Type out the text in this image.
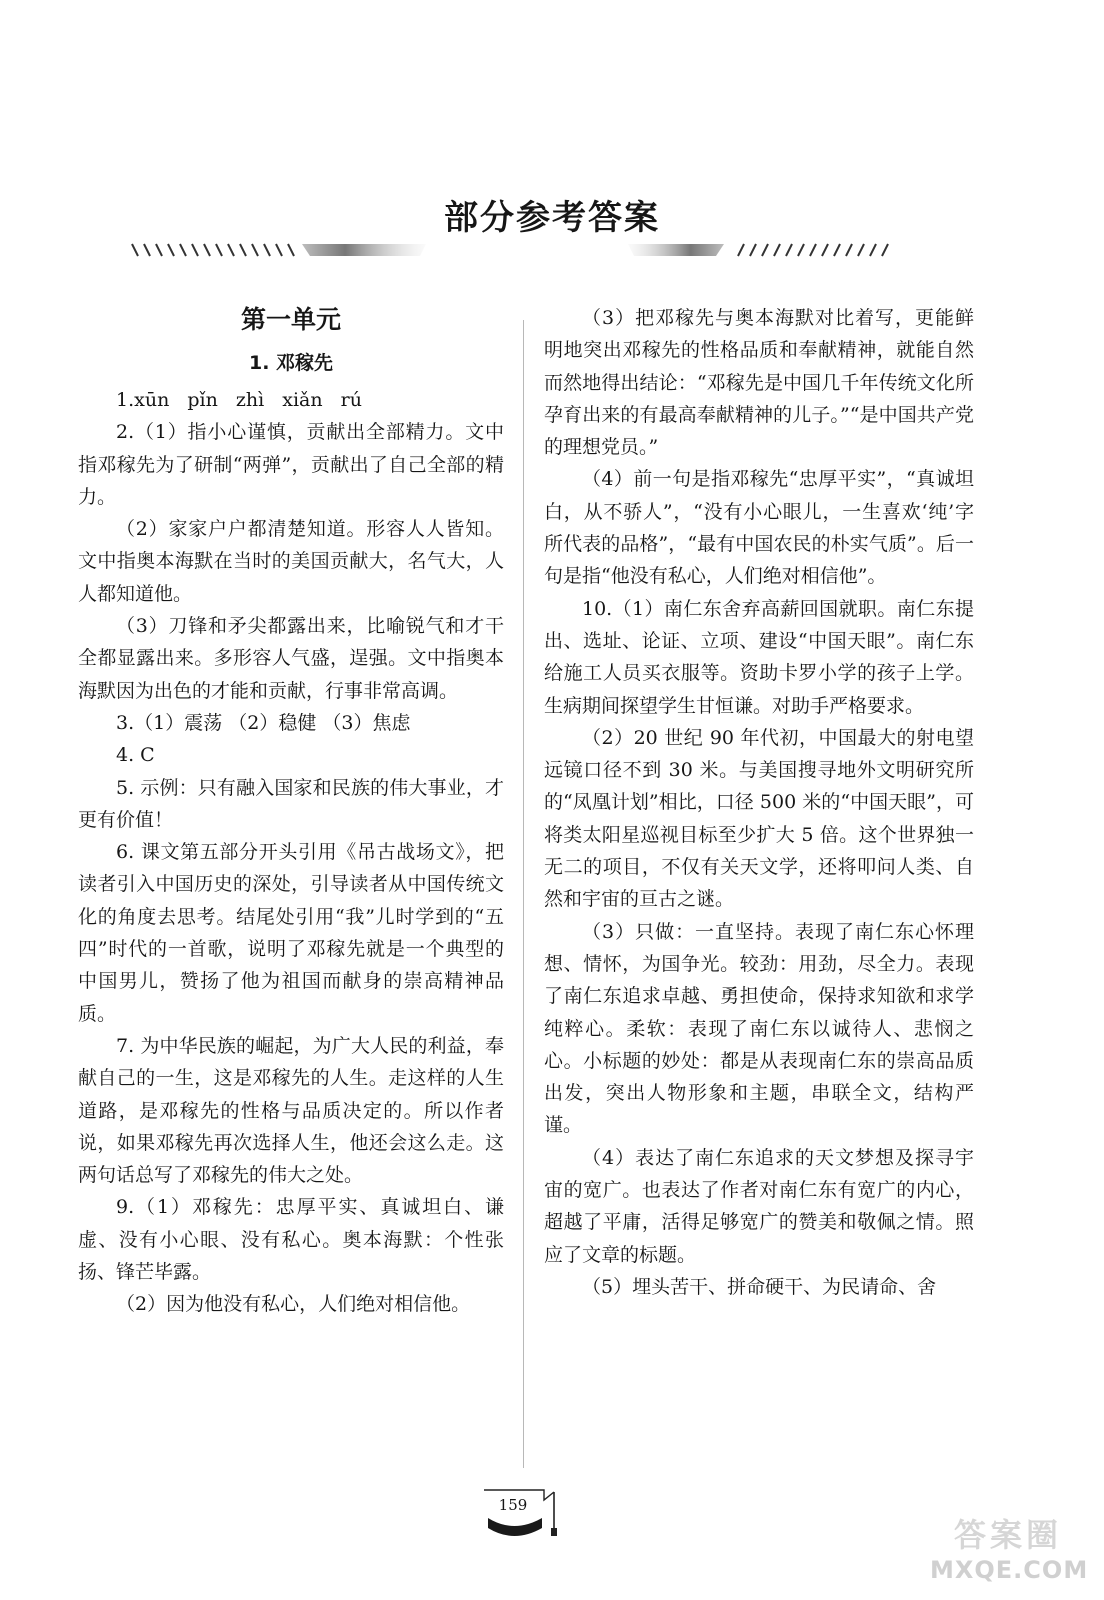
部分参考答案
第一单元
1. 邓稼先

1.xūn pǐn zhì xiǎn rú

2.（1）指小心谨慎，贡献出全部精力。文中指邓稼先为了研制“两弹”，贡献出了自己全部的精力。

（2）家家户户都清楚知道。形容人人皆知。文中指奥本海默在当时的美国贡献大，名气大，人人都知道他。

（3）刀锋和矛尖都露出来，比喻锐气和才干全都显露出来。多形容人气盛，逞强。文中指奥本海默因为出色的才能和贡献，行事非常高调。

3.（1）震荡 （2）稳健 （3）焦虑

4. C

5. 示例：只有融入国家和民族的伟大事业，才更有价值！

6. 课文第五部分开头引用《吊古战场文》，把读者引入中国历史的深处，引导读者从中国传统文化的角度去思考。结尾处引用“我”儿时学到的“五四”时代的一首歌，说明了邓稼先就是一个典型的中国男儿，赞扬了他为祖国而献身的崇高精神品质。

7. 为中华民族的崛起，为广大人民的利益，奉献自己的一生，这是邓稼先的人生。走这样的人生道路，是邓稼先的性格与品质决定的。所以作者说，如果邓稼先再次选择人生，他还会这么走。这两句话总写了邓稼先的伟大之处。

9.（1）邓稼先：忠厚平实、真诚坦白、谦虚、没有小心眼、没有私心。奥本海默：个性张扬、锋芒毕露。

（2）因为他没有私心，人们绝对相信他。

（3）把邓稼先与奥本海默对比着写，更能鲜明地突出邓稼先的性格品质和奉献精神，就能自然而然地得出结论：“邓稼先是中国几千年传统文化所孕育出来的有最高奉献精神的儿子。”“是中国共产党的理想党员。”

（4）前一句是指邓稼先“忠厚平实”，“真诚坦白，从不骄人”，“没有小心眼儿，一生喜欢‘纯’字所代表的品格”，“最有中国农民的朴实气质”。后一句是指“他没有私心，人们绝对相信他”。

10.（1）南仁东舍弃高薪回国就职。南仁东提出、选址、论证、立项、建设“中国天眼”。南仁东给施工人员买衣服等。资助卡罗小学的孩子上学。生病期间探望学生甘恒谦。对助手严格要求。

（2）20 世纪 90 年代初，中国最大的射电望远镜口径不到 30 米。与美国搜寻地外文明研究所的“凤凰计划”相比，口径 500 米的“中国天眼”，可将类太阳星巡视目标至少扩大 5 倍。这个世界独一无二的项目，不仅有关天文学，还将叩问人类、自然和宇宙的亘古之谜。

（3）只做：一直坚持。表现了南仁东心怀理想、情怀，为国争光。较劲：用劲，尽全力。表现了南仁东追求卓越、勇担使命，保持求知欲和求学纯粹心。柔软：表现了南仁东以诚待人、悲悯之心。小标题的妙处：都是从表现南仁东的崇高品质出发，突出人物形象和主题，串联全文，结构严谨。

（4）表达了南仁东追求的天文梦想及探寻宇宙的宽广。也表达了作者对南仁东有宽广的内心，超越了平庸，活得足够宽广的赞美和敬佩之情。照应了文章的标题。

（5）埋头苦干、拼命硬干、为民请命、舍

159
答案圈
MXQE.COM
